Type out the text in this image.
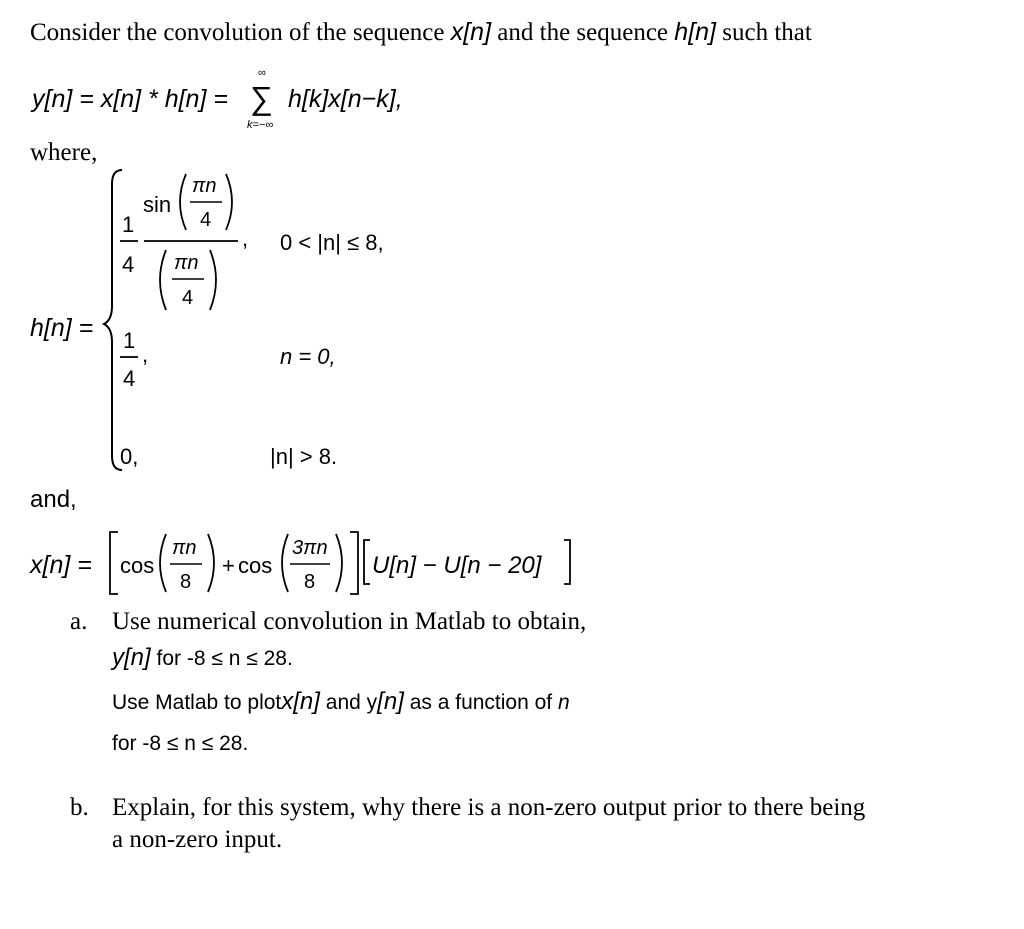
Consider the convolution of the sequence x[n] and the sequence h[n] such that
y[n] = x[n] * h[n] =
∞
∑
k=−∞
h[k]x[n−k],
where,
h[n] =
1
4
sin
πn
4
πn
4
, 0 < |n| ≤ 8,
1
4
,	n = 0,
0,	|n| > 8.
and,
x[n] = cos
πn
8
+ cos
3πn
8
U[n] − U[n − 20]
a. Use numerical convolution in Matlab to obtain,
y[n] for -8 ≤ n ≤ 28.
Use Matlab to plotx[n] and y[n] as a function of n
for -8 ≤ n ≤ 28.
b. Explain, for this system, why there is a non-zero output prior to there being
a non-zero input.
